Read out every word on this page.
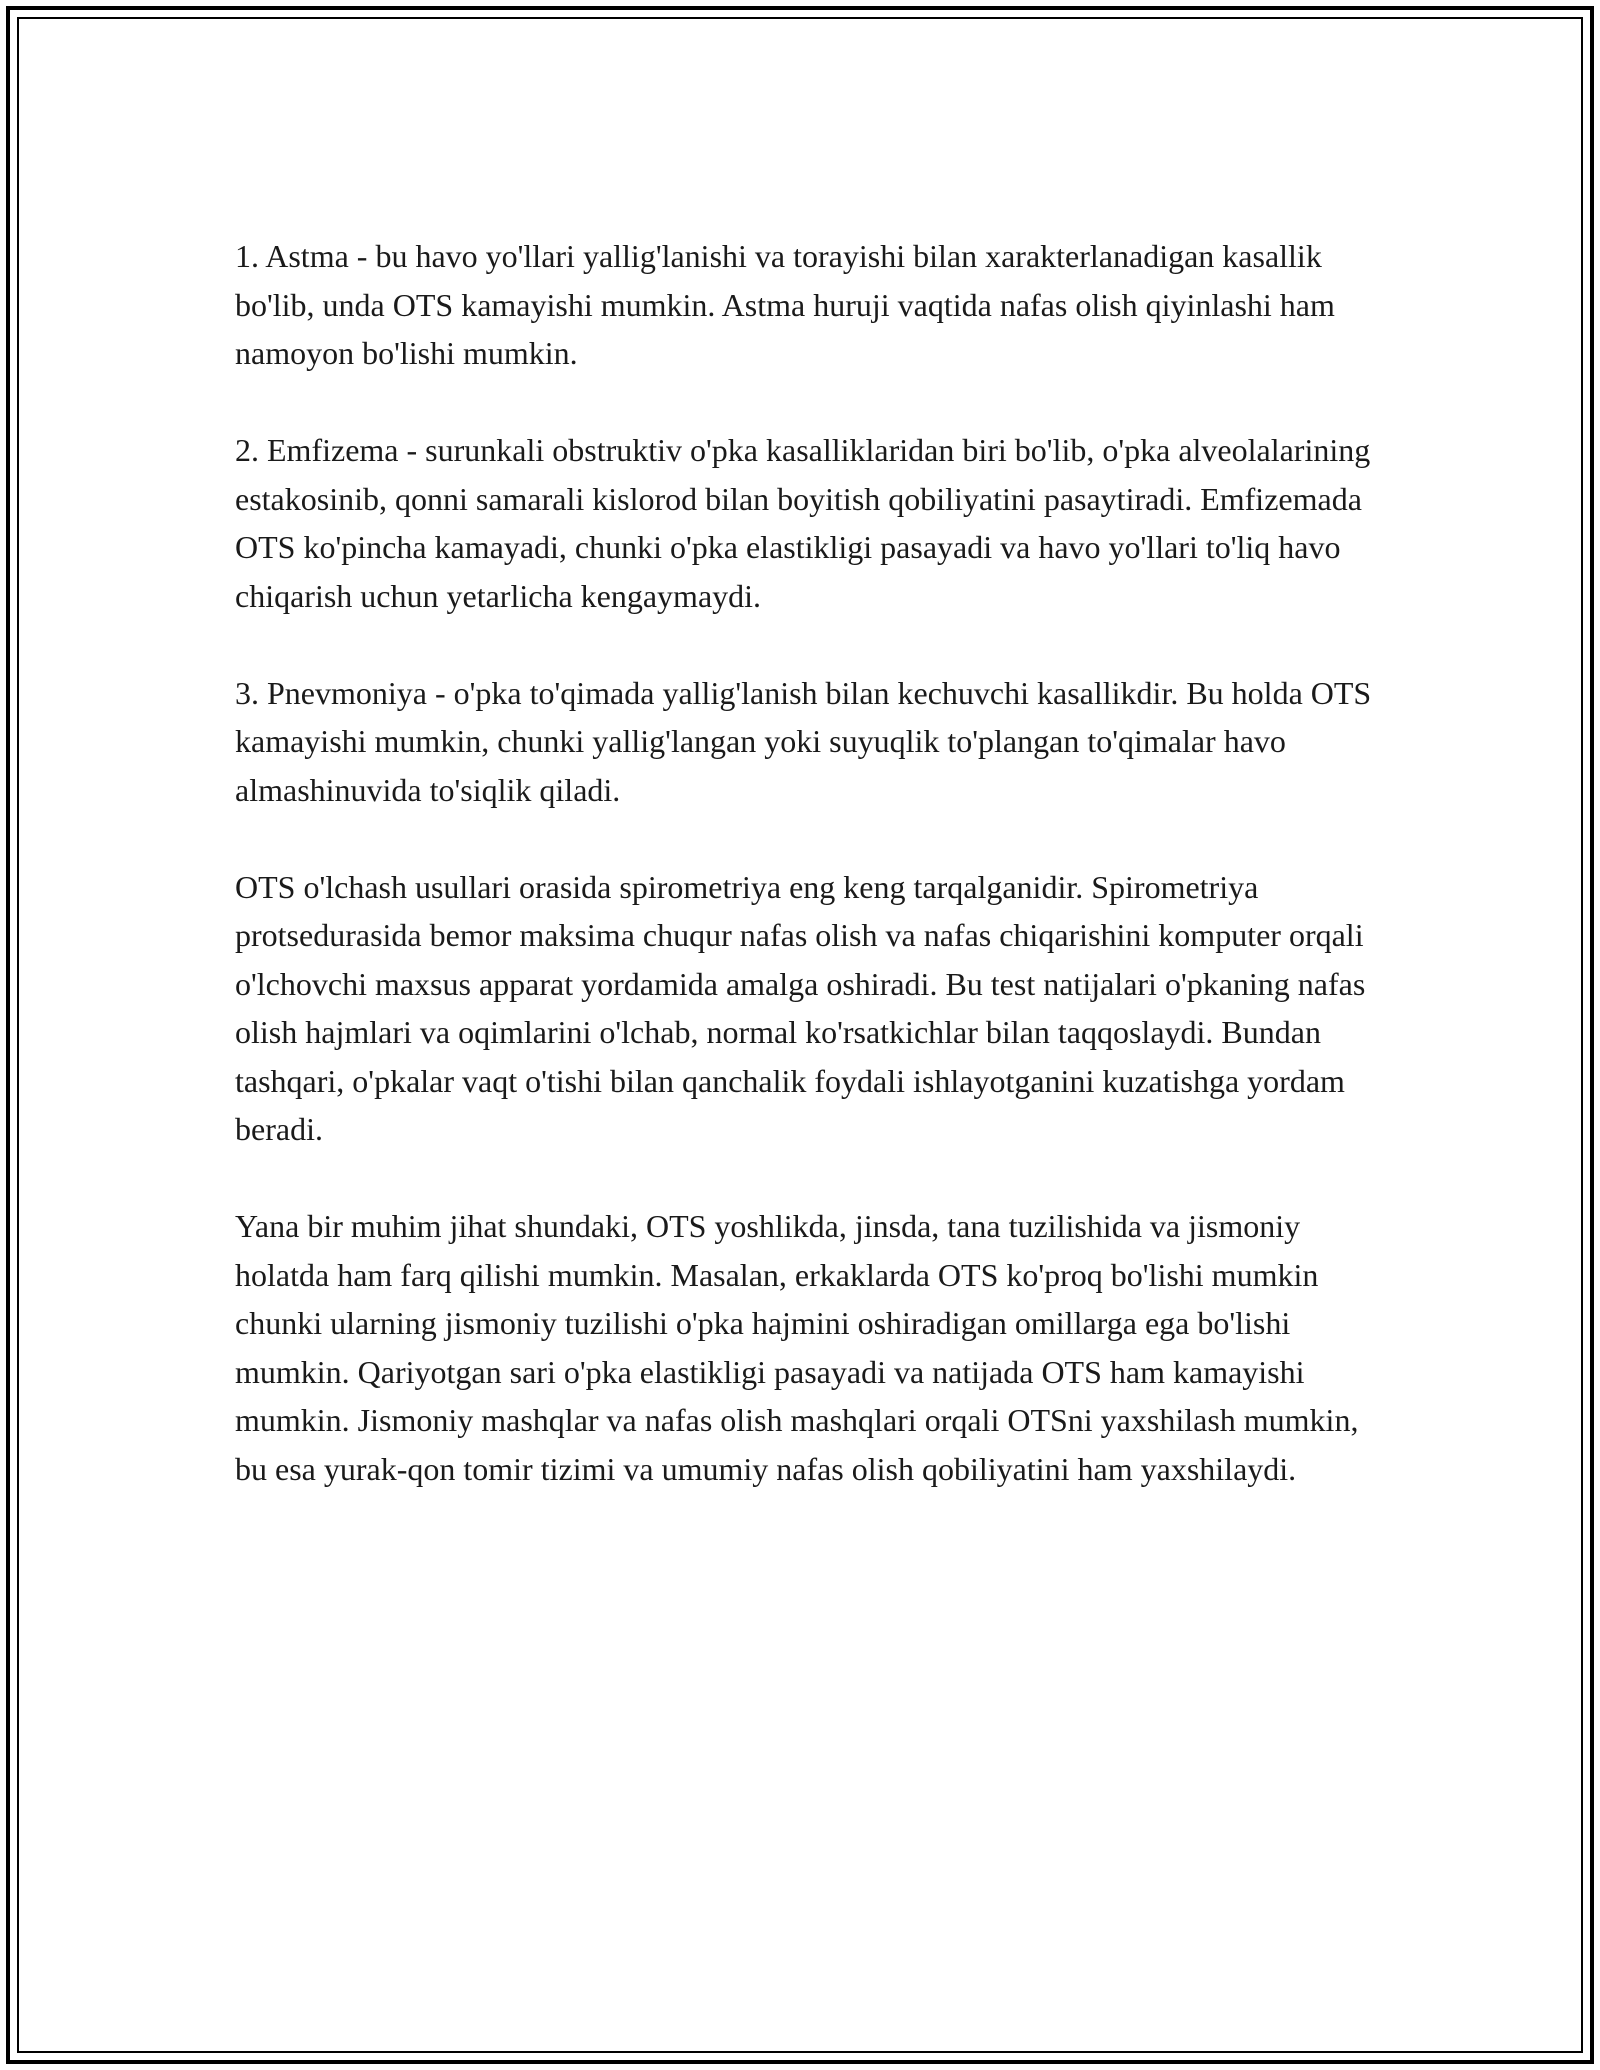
1. Astma - bu havo yo'llari yallig'lanishi va torayishi bilan xarakterlanadigan kasallik bo'lib, unda OTS kamayishi mumkin. Astma huruji vaqtida nafas olish qiyinlashi ham namoyon bo'lishi mumkin.

2. Emfizema - surunkali obstruktiv o'pka kasalliklaridan biri bo'lib, o'pka alveolalarining estakosinib, qonni samarali kislorod bilan boyitish qobiliyatini pasaytiradi. Emfizemada OTS ko'pincha kamayadi, chunki o'pka elastikligi pasayadi va havo yo'llari to'liq havo chiqarish uchun yetarlicha kengaymaydi.

3. Pnevmoniya - o'pka to'qimada yallig'lanish bilan kechuvchi kasallikdir. Bu holda OTS kamayishi mumkin, chunki yallig'langan yoki suyuqlik to'plangan to'qimalar havo almashinuvida to'siqlik qiladi.

OTS o'lchash usullari orasida spirometriya eng keng tarqalganidir. Spirometriya protsedurasida bemor maksima chuqur nafas olish va nafas chiqarishini komputer orqali o'lchovchi maxsus apparat yordamida amalga oshiradi. Bu test natijalari o'pkaning nafas olish hajmlari va oqimlarini o'lchab, normal ko'rsatkichlar bilan taqqoslaydi. Bundan tashqari, o'pkalar vaqt o'tishi bilan qanchalik foydali ishlayotganini kuzatishga yordam beradi.

Yana bir muhim jihat shundaki, OTS yoshlikda, jinsda, tana tuzilishida va jismoniy holatda ham farq qilishi mumkin. Masalan, erkaklarda OTS ko'proq bo'lishi mumkin chunki ularning jismoniy tuzilishi o'pka hajmini oshiradigan omillarga ega bo'lishi mumkin. Qariyotgan sari o'pka elastikligi pasayadi va natijada OTS ham kamayishi mumkin. Jismoniy mashqlar va nafas olish mashqlari orqali OTSni yaxshilash mumkin, bu esa yurak-qon tomir tizimi va umumiy nafas olish qobiliyatini ham yaxshilaydi.
